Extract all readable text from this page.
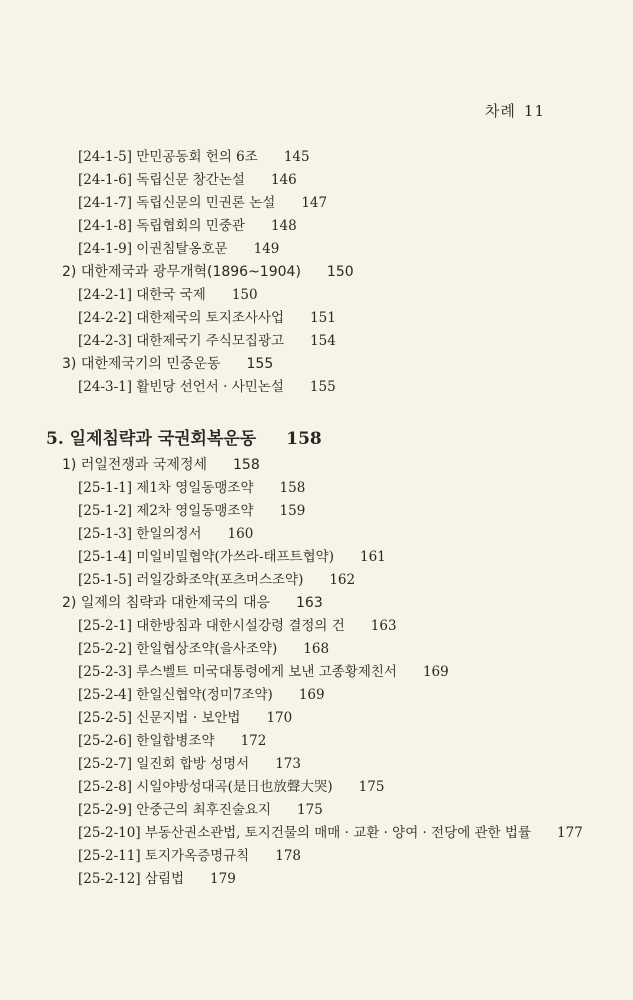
차례 11
[24-1-5] 만민공동회 헌의 6조 145
[24-1-6] 독립신문 창간논설 146
[24-1-7] 독립신문의 민권론 논설 147
[24-1-8] 독립협회의 민중관 148
[24-1-9] 이권침탈옹호문 149
2) 대한제국과 광무개혁(1896~1904) 150
[24-2-1] 대한국 국제 150
[24-2-2] 대한제국의 토지조사사업 151
[24-2-3] 대한제국기 주식모집광고 154
3) 대한제국기의 민중운동 155
[24-3-1] 활빈당 선언서 · 사민논설 155
5. 일제침략과 국권회복운동 158
1) 러일전쟁과 국제정세 158
[25-1-1] 제1차 영일동맹조약 158
[25-1-2] 제2차 영일동맹조약 159
[25-1-3] 한일의정서 160
[25-1-4] 미일비밀협약(가쓰라-태프트협약) 161
[25-1-5] 러일강화조약(포츠머스조약) 162
2) 일제의 침략과 대한제국의 대응 163
[25-2-1] 대한방침과 대한시설강령 결정의 건 163
[25-2-2] 한일협상조약(을사조약) 168
[25-2-3] 루스벨트 미국대통령에게 보낸 고종황제친서 169
[25-2-4] 한일신협약(정미7조약) 169
[25-2-5] 신문지법 · 보안법 170
[25-2-6] 한일합병조약 172
[25-2-7] 일진회 합방 성명서 173
[25-2-8] 시일야방성대곡(是日也放聲大哭) 175
[25-2-9] 안중근의 최후진술요지 175
[25-2-10] 부동산권소관법, 토지건물의 매매 · 교환 · 양여 · 전당에 관한 법률 177
[25-2-11] 토지가옥증명규칙 178
[25-2-12] 삼림법 179
